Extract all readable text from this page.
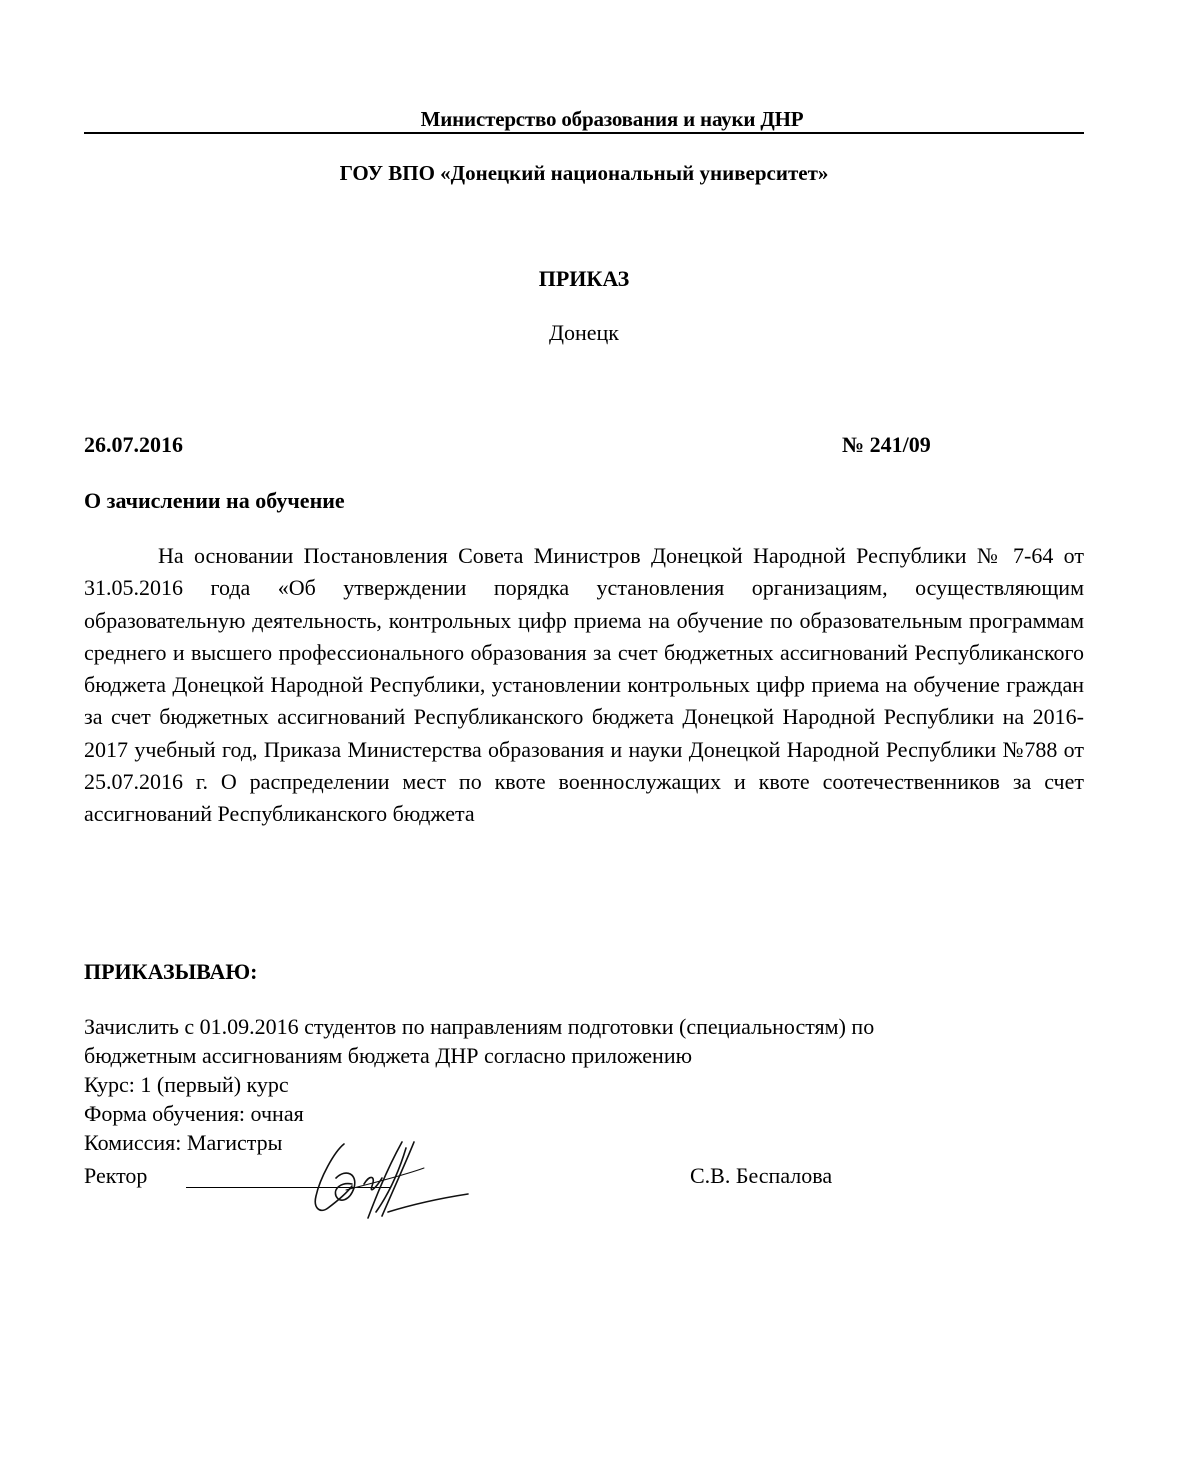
Министерство образования и науки ДНР
ГОУ ВПО «Донецкий национальный университет»
ПРИКАЗ
Донецк
26.07.2016	№ 241/09
О зачислении на обучение
На основании Постановления Совета Министров Донецкой Народной Республики № 7-64 от 31.05.2016 года «Об утверждении порядка установления организациям, осуществляющим образовательную деятельность, контрольных цифр приема на обучение по образовательным программам среднего и высшего профессионального образования за счет бюджетных ассигнований Республиканского бюджета Донецкой Народной Республики, установлении контрольных цифр приема на обучение граждан за счет бюджетных ассигнований Республиканского бюджета Донецкой Народной Республики на 2016-2017 учебный год, Приказа Министерства образования и науки Донецкой Народной Республики №788 от 25.07.2016 г. О распределении мест по квоте военнослужащих и квоте соотечественников за счет ассигнований Республиканского бюджета
ПРИКАЗЫВАЮ:
Зачислить с 01.09.2016 студентов по направлениям подготовки (специальностям) по
бюджетным ассигнованиям бюджета ДНР согласно приложению
Курс: 1 (первый) курс
Форма обучения: очная
Комиссия: Магистры
Ректор	С.В. Беспалова
